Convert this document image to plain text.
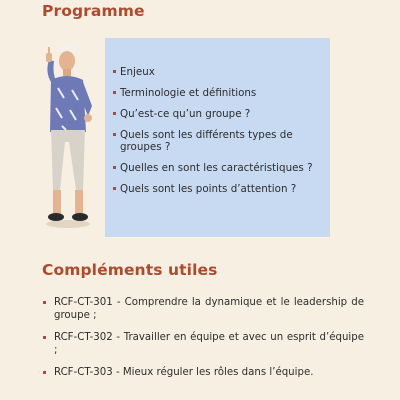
Programme
Enjeux
Terminologie et définitions
Qu’est-ce qu’un groupe ?
Quels sont les différents types de groupes ?
Quelles en sont les caractéristiques ?
Quels sont les points d’attention ?
Compléments utiles
RCF-CT-301 - Comprendre la dynamique et le leadership de groupe ;
RCF-CT-302 - Travailler en équipe et avec un esprit d’équipe ;
RCF-CT-303 - Mieux réguler les rôles dans l’équipe.
